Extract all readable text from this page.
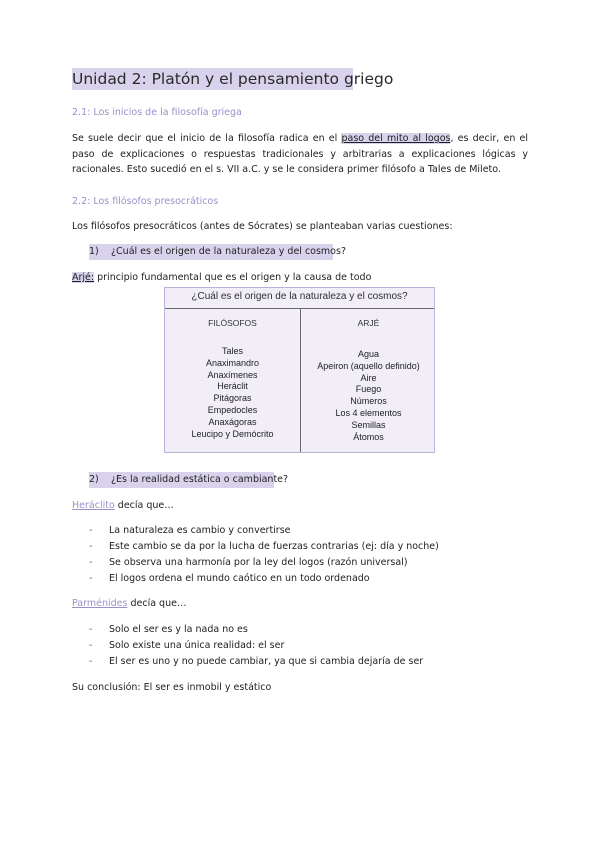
Unidad 2: Platón y el pensamiento griego
2.1: Los inicios de la filosofía griega
Se suele decir que el inicio de la filosofía radica en el paso del mito al logos, es decir, en el paso de explicaciones o respuestas tradicionales y arbitrarias a explicaciones lógicas y racionales. Esto sucedió en el s. VII a.C. y se le considera primer filósofo a Tales de Mileto.
2.2: Los filósofos presocráticos
Los filósofos presocráticos (antes de Sócrates) se planteaban varias cuestiones:
1) ¿Cuál es el origen de la naturaleza y del cosmos?
Arjé: principio fundamental que es el origen y la causa de todo
¿Cuál es el origen de la naturaleza y el cosmos?
FILÓSOFOS	ARJÉ
Tales
Anaximandro
Anaxímenes
Heráclit
Pitágoras
Empedocles
Anaxágoras
Leucipo y Demócrito
Agua
Apeiron (aquello definido)
Aire
Fuego
Números
Los 4 elementos
Semillas
Átomos
2) ¿Es la realidad estática o cambiante?
Heráclito decía que…
- La naturaleza es cambio y convertirse
- Este cambio se da por la lucha de fuerzas contrarias (ej: día y noche)
- Se observa una harmonía por la ley del logos (razón universal)
- El logos ordena el mundo caótico en un todo ordenado
Parménides decía que…
- Solo el ser es y la nada no es
- Solo existe una única realidad: el ser
- El ser es uno y no puede cambiar, ya que si cambia dejaría de ser
Su conclusión: El ser es inmobil y estático
